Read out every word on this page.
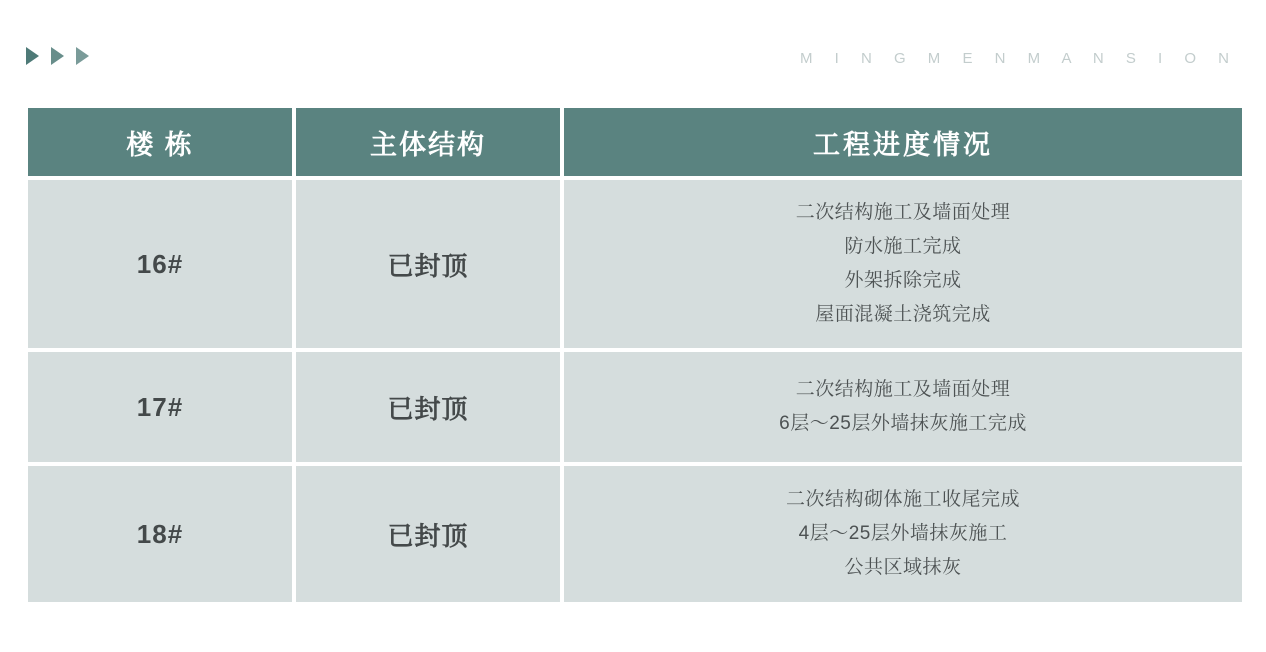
M I N G M E N M A N S I O N
楼 栋	主体结构	工程进度情况
16#	已封顶	二次结构施工及墙面处理
防水施工完成
外架拆除完成
屋面混凝土浇筑完成

17#	已封顶	二次结构施工及墙面处理
6层～25层外墙抹灰施工完成

18#	已封顶	二次结构砌体施工收尾完成
4层～25层外墙抹灰施工
公共区域抹灰
